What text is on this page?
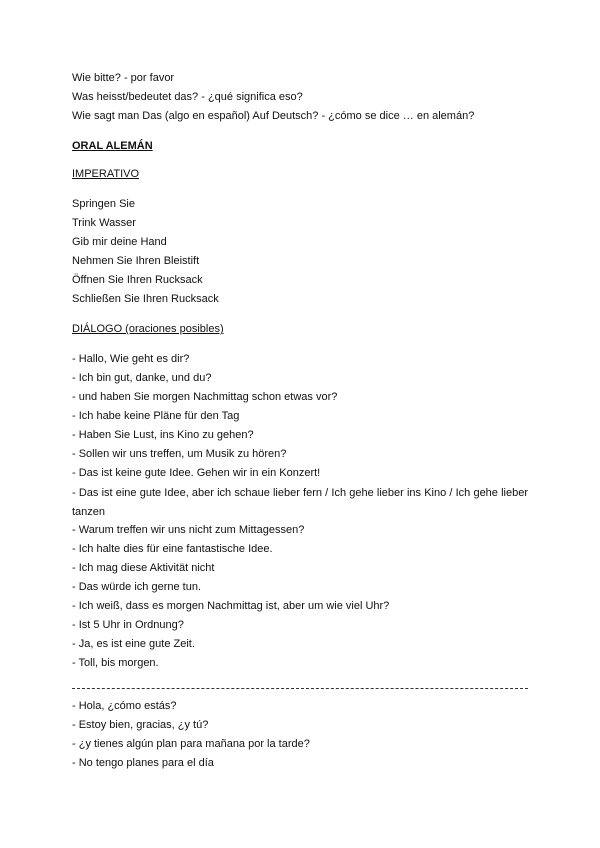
Wie bitte? - por favor
Was heisst/bedeutet das? - ¿qué significa eso?
Wie sagt man Das (algo en español) Auf Deutsch? - ¿cómo se dice … en alemán?
ORAL ALEMÁN
IMPERATIVO
Springen Sie
Trink Wasser
Gib mir deine Hand
Nehmen Sie Ihren Bleistift
Öffnen Sie Ihren Rucksack
Schließen Sie Ihren Rucksack
DIÁLOGO (oraciones posibles)
- Hallo, Wie geht es dir?
- Ich bin gut, danke, und du?
- und haben Sie morgen Nachmittag schon etwas vor?
- Ich habe keine Pläne für den Tag
- Haben Sie Lust, ins Kino zu gehen?
- Sollen wir uns treffen, um Musik zu hören?
- Das ist keine gute Idee. Gehen wir in ein Konzert!
- Das ist eine gute Idee, aber ich schaue lieber fern / Ich gehe lieber ins Kino / Ich gehe lieber tanzen
- Warum treffen wir uns nicht zum Mittagessen?
- Ich halte dies für eine fantastische Idee.
- Ich mag diese Aktivität nicht
- Das würde ich gerne tun.
- Ich weiß, dass es morgen Nachmittag ist, aber um wie viel Uhr?
- Ist 5 Uhr in Ordnung?
- Ja, es ist eine gute Zeit.
- Toll, bis morgen.
- Hola, ¿cómo estás?
- Estoy bien, gracias, ¿y tú?
- ¿y tienes algún plan para mañana por la tarde?
- No tengo planes para el día
